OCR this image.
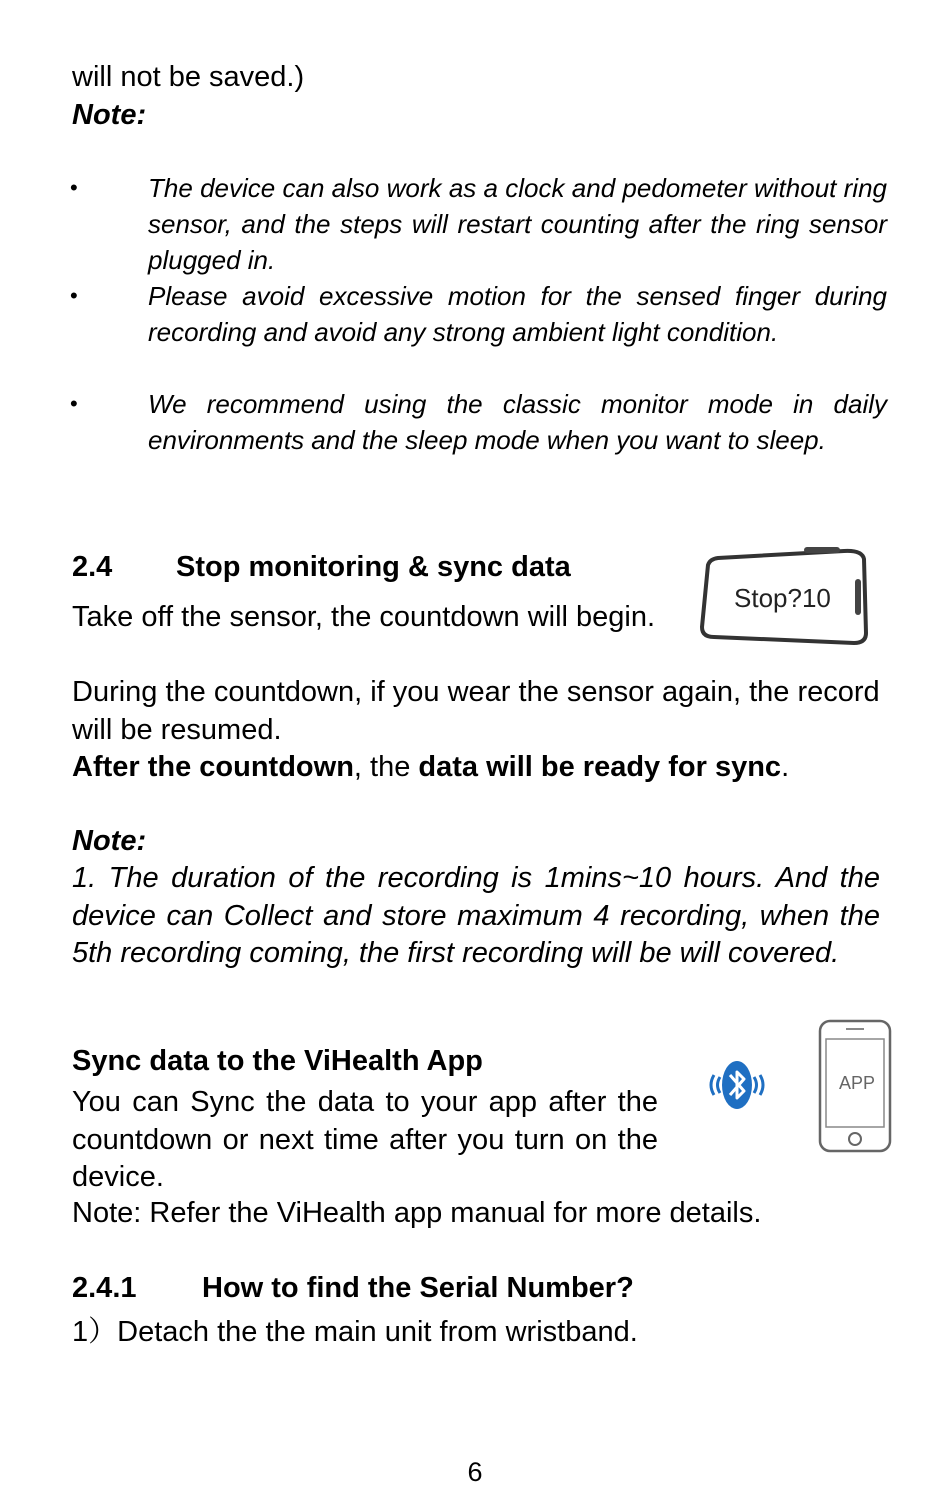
will not be saved.)
Note:
•	The device can also work as a clock and pedometer without ring sensor, and the steps will restart counting after the ring sensor plugged in.
•	Please avoid excessive motion for the sensed finger during recording and avoid any strong ambient light condition.
•	We recommend using the classic monitor mode in daily environments and the sleep mode when you want to sleep.
2.4 Stop monitoring & sync data
Stop?10
Take off the sensor, the countdown will begin.
During the countdown, if you wear the sensor again, the record will be resumed.
After the countdown, the data will be ready for sync.
Note:
1. The duration of the recording is 1mins~10 hours. And the device can Collect and store maximum 4 recording, when the 5th recording coming, the first recording will be will covered.
Sync data to the ViHealth App
APP
You can Sync the data to your app after the countdown or next time after you turn on the device.
Note: Refer the ViHealth app manual for more details.
2.4.1 How to find the Serial Number?
1）Detach the the main unit from wristband.
6
